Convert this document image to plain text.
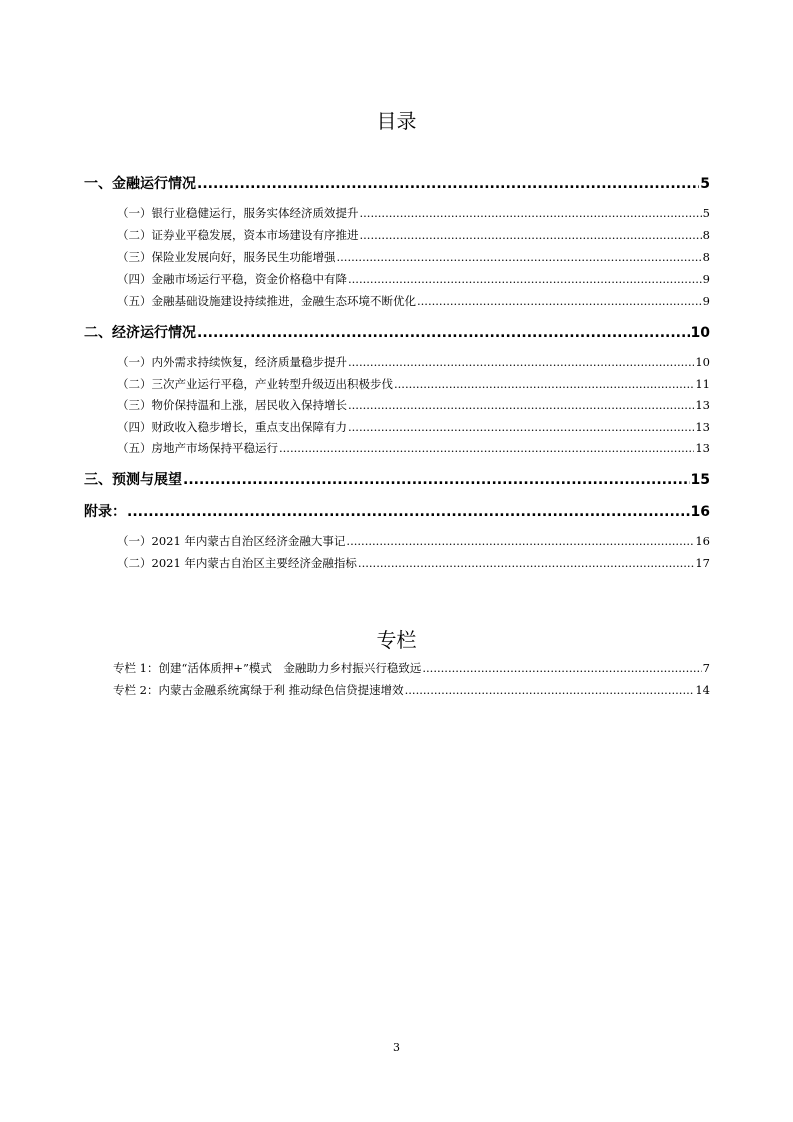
目录
一、金融运行情况 .....	5
（一）银行业稳健运行，服务实体经济质效提升 .....	5
（二）证券业平稳发展，资本市场建设有序推进 .....	8
（三）保险业发展向好，服务民生功能增强 .....	8
（四）金融市场运行平稳，资金价格稳中有降 .....	9
（五）金融基础设施建设持续推进，金融生态环境不断优化 .....	9
二、经济运行情况 .....	10
（一）内外需求持续恢复，经济质量稳步提升 .....	10
（二）三次产业运行平稳，产业转型升级迈出积极步伐 .....	11
（三）物价保持温和上涨，居民收入保持增长 .....	13
（四）财政收入稳步增长，重点支出保障有力 .....	13
（五）房地产市场保持平稳运行 .....	13
三、预测与展望 .....	15
附录： .....	16
（一）2021 年内蒙古自治区经济金融大事记 .....	16
（二）2021 年内蒙古自治区主要经济金融指标 .....	17
专栏
专栏 1：创建“活体质押+”模式　金融助力乡村振兴行稳致远 .....	7
专栏 2：内蒙古金融系统寓绿于利 推动绿色信贷提速增效 .....	14
3
